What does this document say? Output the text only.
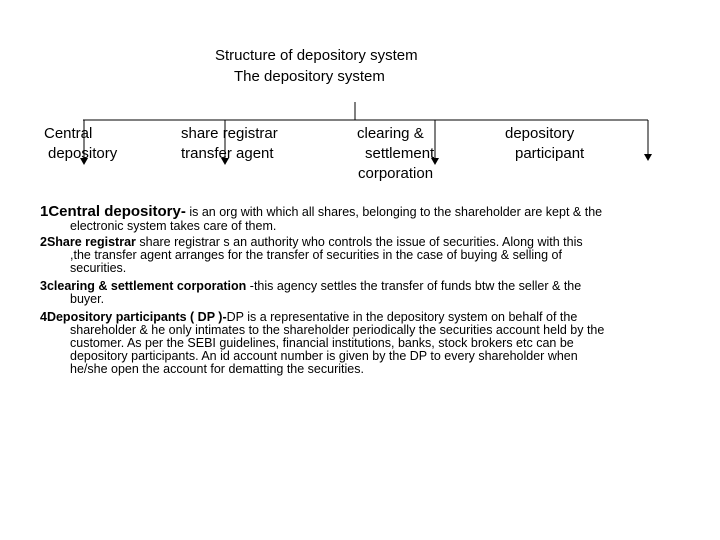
Structure of depository system
The depository system
Central
depository
share registrar
transfer agent
clearing &
settlement
corporation
depository
participant
1Central depository- is an org with which all shares, belonging to the shareholder are kept & the
electronic system takes care of them.
2Share registrar share registrar s an authority who controls the issue of securities. Along with this
,the transfer agent arranges for the transfer of securities in the case of buying & selling of
securities.
3clearing & settlement corporation -this agency settles the transfer of funds btw the seller & the
buyer.
4Depository participants ( DP )-DP is a representative in the depository system on behalf of the
shareholder & he only intimates to the shareholder periodically the securities account held by the
customer. As per the SEBI guidelines, financial institutions, banks, stock brokers etc can be
depository participants. An id account number is given by the DP to every shareholder when
he/she open the account for dematting the securities.
